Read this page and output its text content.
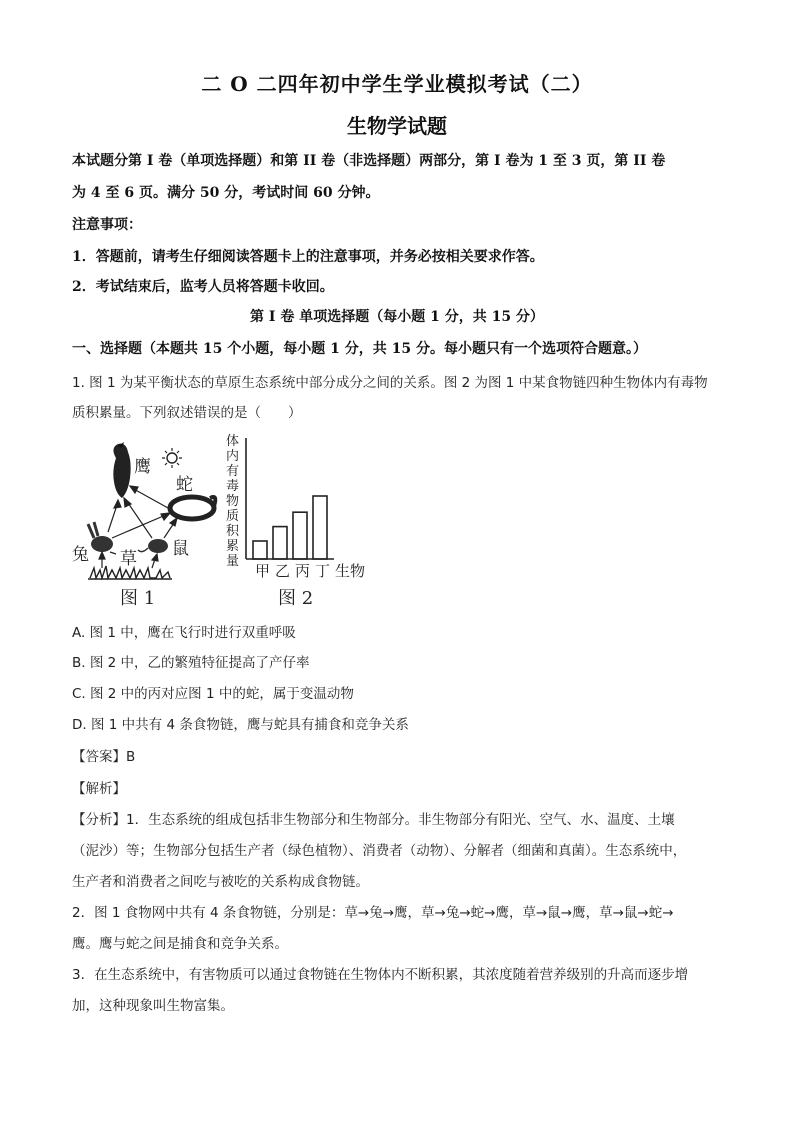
二 O 二四年初中学生学业模拟考试（二）
生物学试题
本试题分第 I 卷（单项选择题）和第 II 卷（非选择题）两部分，第 I 卷为 1 至 3 页，第 II 卷
为 4 至 6 页。满分 50 分，考试时间 60 分钟。
注意事项：
1．答题前，请考生仔细阅读答题卡上的注意事项，并务必按相关要求作答。
2．考试结束后，监考人员将答题卡收回。
第 I 卷 单项选择题（每小题 1 分，共 15 分）
一、选择题（本题共 15 个小题，每小题 1 分，共 15 分。每小题只有一个选项符合题意。）
1. 图 1 为某平衡状态的草原生态系统中部分成分之间的关系。图 2 为图 1 中某食物链四种生物体内有毒物
质积累量。下列叙述错误的是（　　）
鹰
蛇
兔 草 鼠
图 1
体
内
有
毒
物
质
积
累
量
甲 乙 丙 丁 生物
图 2
A. 图 1 中，鹰在飞行时进行双重呼吸
B. 图 2 中，乙的繁殖特征提高了产仔率
C. 图 2 中的丙对应图 1 中的蛇，属于变温动物
D. 图 1 中共有 4 条食物链，鹰与蛇具有捕食和竞争关系
【答案】B
【解析】
【分析】1．生态系统的组成包括非生物部分和生物部分。非生物部分有阳光、空气、水、温度、土壤
（泥沙）等；生物部分包括生产者（绿色植物）、消费者（动物）、分解者（细菌和真菌）。生态系统中，
生产者和消费者之间吃与被吃的关系构成食物链。
2．图 1 食物网中共有 4 条食物链，分别是：草→兔→鹰，草→兔→蛇→鹰，草→鼠→鹰，草→鼠→蛇→
鹰。鹰与蛇之间是捕食和竞争关系。
3．在生态系统中，有害物质可以通过食物链在生物体内不断积累，其浓度随着营养级别的升高而逐步增
加，这种现象叫生物富集。
